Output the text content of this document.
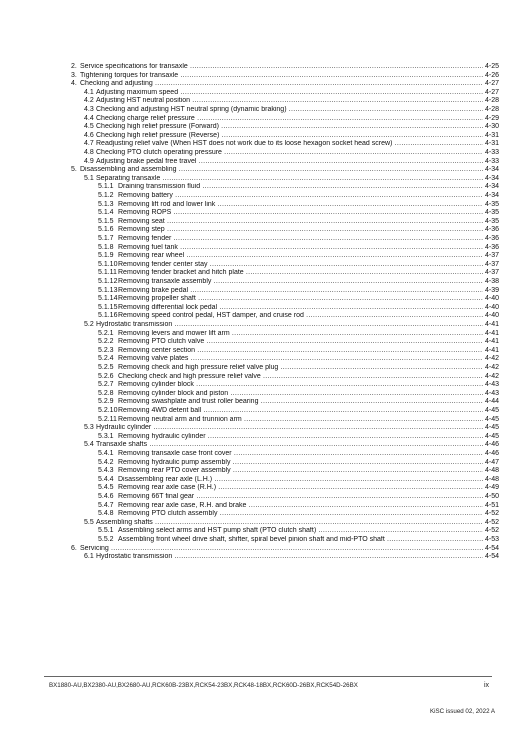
2. Service specifications for transaxle .....	4-25
3. Tightening torques for transaxle .....	4-26
4. Checking and adjusting .....	4-27
4.1 Adjusting maximum speed .....	4-27
4.2 Adjusting HST neutral position .....	4-28
4.3 Checking and adjusting HST neutral spring (dynamic braking) .....	4-28
4.4 Checking charge relief pressure .....	4-29
4.5 Checking high relief pressure (Forward) .....	4-30
4.6 Checking high relief pressure (Reverse) .....	4-31
4.7 Readjusting relief valve (When HST does not work due to its loose hexagon socket head screw) .....	4-31
4.8 Checking PTO clutch operating pressure .....	4-33
4.9 Adjusting brake pedal free travel .....	4-33
5. Disassembling and assembling .....	4-34
5.1 Separating transaxle .....	4-34
5.1.1 Draining transmission fluid .....	4-34
5.1.2 Removing battery .....	4-34
5.1.3 Removing lift rod and lower link .....	4-35
5.1.4 Removing ROPS .....	4-35
5.1.5 Removing seat .....	4-35
5.1.6 Removing step .....	4-36
5.1.7 Removing fender .....	4-36
5.1.8 Removing fuel tank .....	4-36
5.1.9 Removing rear wheel .....	4-37
5.1.10 Removing fender center stay .....	4-37
5.1.11 Removing fender bracket and hitch plate .....	4-37
5.1.12 Removing transaxle assembly .....	4-38
5.1.13 Removing brake pedal .....	4-39
5.1.14 Removing propeller shaft .....	4-40
5.1.15 Removing differential lock pedal .....	4-40
5.1.16 Removing speed control pedal, HST damper, and cruise rod .....	4-40
5.2 Hydrostatic transmission .....	4-41
5.2.1 Removing levers and mower lift arm .....	4-41
5.2.2 Removing PTO clutch valve .....	4-41
5.2.3 Removing center section .....	4-41
5.2.4 Removing valve plates .....	4-42
5.2.5 Removing check and high pressure relief valve plug .....	4-42
5.2.6 Checking check and high pressure relief valve .....	4-42
5.2.7 Removing cylinder block .....	4-43
5.2.8 Removing cylinder block and piston .....	4-43
5.2.9 Removing swashplate and trust roller bearing .....	4-44
5.2.10 Removing 4WD detent ball .....	4-45
5.2.11 Removing neutral arm and trunnion arm .....	4-45
5.3 Hydraulic cylinder .....	4-45
5.3.1 Removing hydraulic cylinder .....	4-45
5.4 Transaxle shafts .....	4-46
5.4.1 Removing transaxle case front cover .....	4-46
5.4.2 Removing hydraulic pump assembly .....	4-47
5.4.3 Removing rear PTO cover assembly .....	4-48
5.4.4 Disassembling rear axle (L.H.) .....	4-48
5.4.5 Removing rear axle case (R.H.) .....	4-49
5.4.6 Removing 66T final gear .....	4-50
5.4.7 Removing rear axle case, R.H. and brake .....	4-51
5.4.8 Removing PTO clutch assembly .....	4-52
5.5 Assembling shafts .....	4-52
5.5.1 Assembling select arms and HST pump shaft (PTO clutch shaft) .....	4-52
5.5.2 Assembling front wheel drive shaft, shifter, spiral bevel pinion shaft and mid-PTO shaft .....	4-53
6. Servicing .....	4-54
6.1 Hydrostatic transmission .....	4-54
BX1880-AU,BX2380-AU,BX2680-AU,RCK60B-23BX,RCK54-23BX,RCK48-18BX,RCK60D-26BX,RCK54D-26BX	ix
KiSC issued 02, 2022 A
